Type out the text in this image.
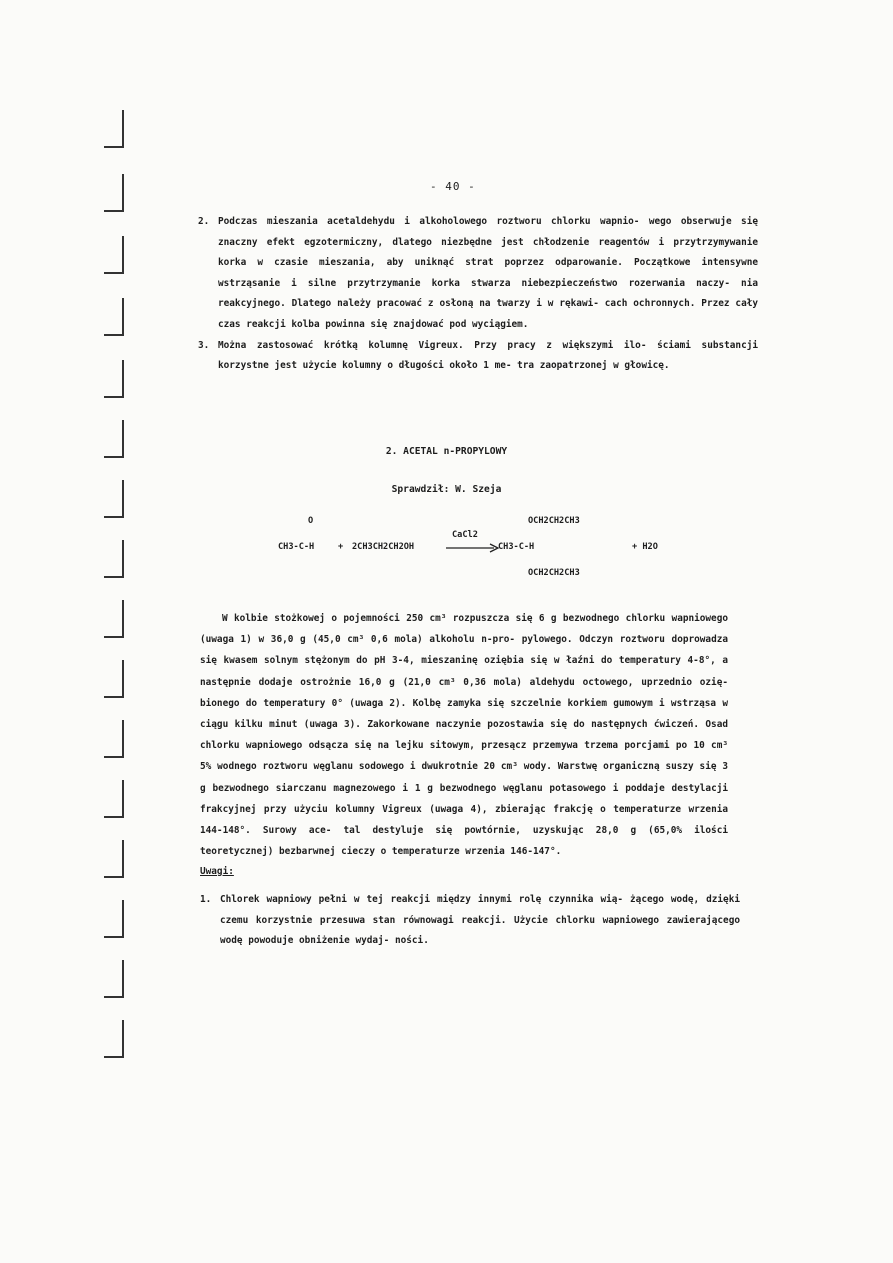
- 40 -
2. Podczas mieszania acetaldehydu i alkoholowego roztworu chlorku wapnio- wego obserwuje się znaczny efekt egzotermiczny, dlatego niezbędne jest chłodzenie reagentów i przytrzymywanie korka w czasie mieszania, aby uniknąć strat poprzez odparowanie. Początkowe intensywne wstrząsanie i silne przytrzymanie korka stwarza niebezpieczeństwo rozerwania naczy- nia reakcyjnego. Dlatego należy pracować z osłoną na twarzy i w rękawi- cach ochronnych. Przez cały czas reakcji kolba powinna się znajdować pod wyciągiem.
3. Można zastosować krótką kolumnę Vigreux. Przy pracy z większymi ilo- ściami substancji korzystne jest użycie kolumny o długości około 1 me- tra zaopatrzonej w głowicę.
2. ACETAL n-PROPYLOWY
Sprawdził: W. Szeja
O
CH3-C-H	+ 2CH3CH2CH2OH
CaCl2
OCH2CH2CH3
CH3-C-H
OCH2CH2CH3
+ H2O

W kolbie stożkowej o pojemności 250 cm³ rozpuszcza się 6 g bezwodnego chlorku wapniowego (uwaga 1) w 36,0 g (45,0 cm³ 0,6 mola) alkoholu n-pro- pylowego. Odczyn roztworu doprowadza się kwasem solnym stężonym do pH 3-4, mieszaninę oziębia się w łaźni do temperatury 4-8°, a następnie dodaje ostrożnie 16,0 g (21,0 cm³ 0,36 mola) aldehydu octowego, uprzednio ozię- bionego do temperatury 0° (uwaga 2). Kolbę zamyka się szczelnie korkiem gumowym i wstrząsa w ciągu kilku minut (uwaga 3). Zakorkowane naczynie pozostawia się do następnych ćwiczeń. Osad chlorku wapniowego odsącza się na lejku sitowym, przesącz przemywa trzema porcjami po 10 cm³ 5% wodnego roztworu węglanu sodowego i dwukrotnie 20 cm³ wody. Warstwę organiczną suszy się 3 g bezwodnego siarczanu magnezowego i 1 g bezwodnego węglanu potasowego i poddaje destylacji frakcyjnej przy użyciu kolumny Vigreux (uwaga 4), zbierając frakcję o temperaturze wrzenia 144-148°. Surowy ace- tal destyluje się powtórnie, uzyskując 28,0 g (65,0% ilości teoretycznej) bezbarwnej cieczy o temperaturze wrzenia 146-147°.

Uwagi:
1. Chlorek wapniowy pełni w tej reakcji między innymi rolę czynnika wią- żącego wodę, dzięki czemu korzystnie przesuwa stan równowagi reakcji. Użycie chlorku wapniowego zawierającego wodę powoduje obniżenie wydaj- ności.
